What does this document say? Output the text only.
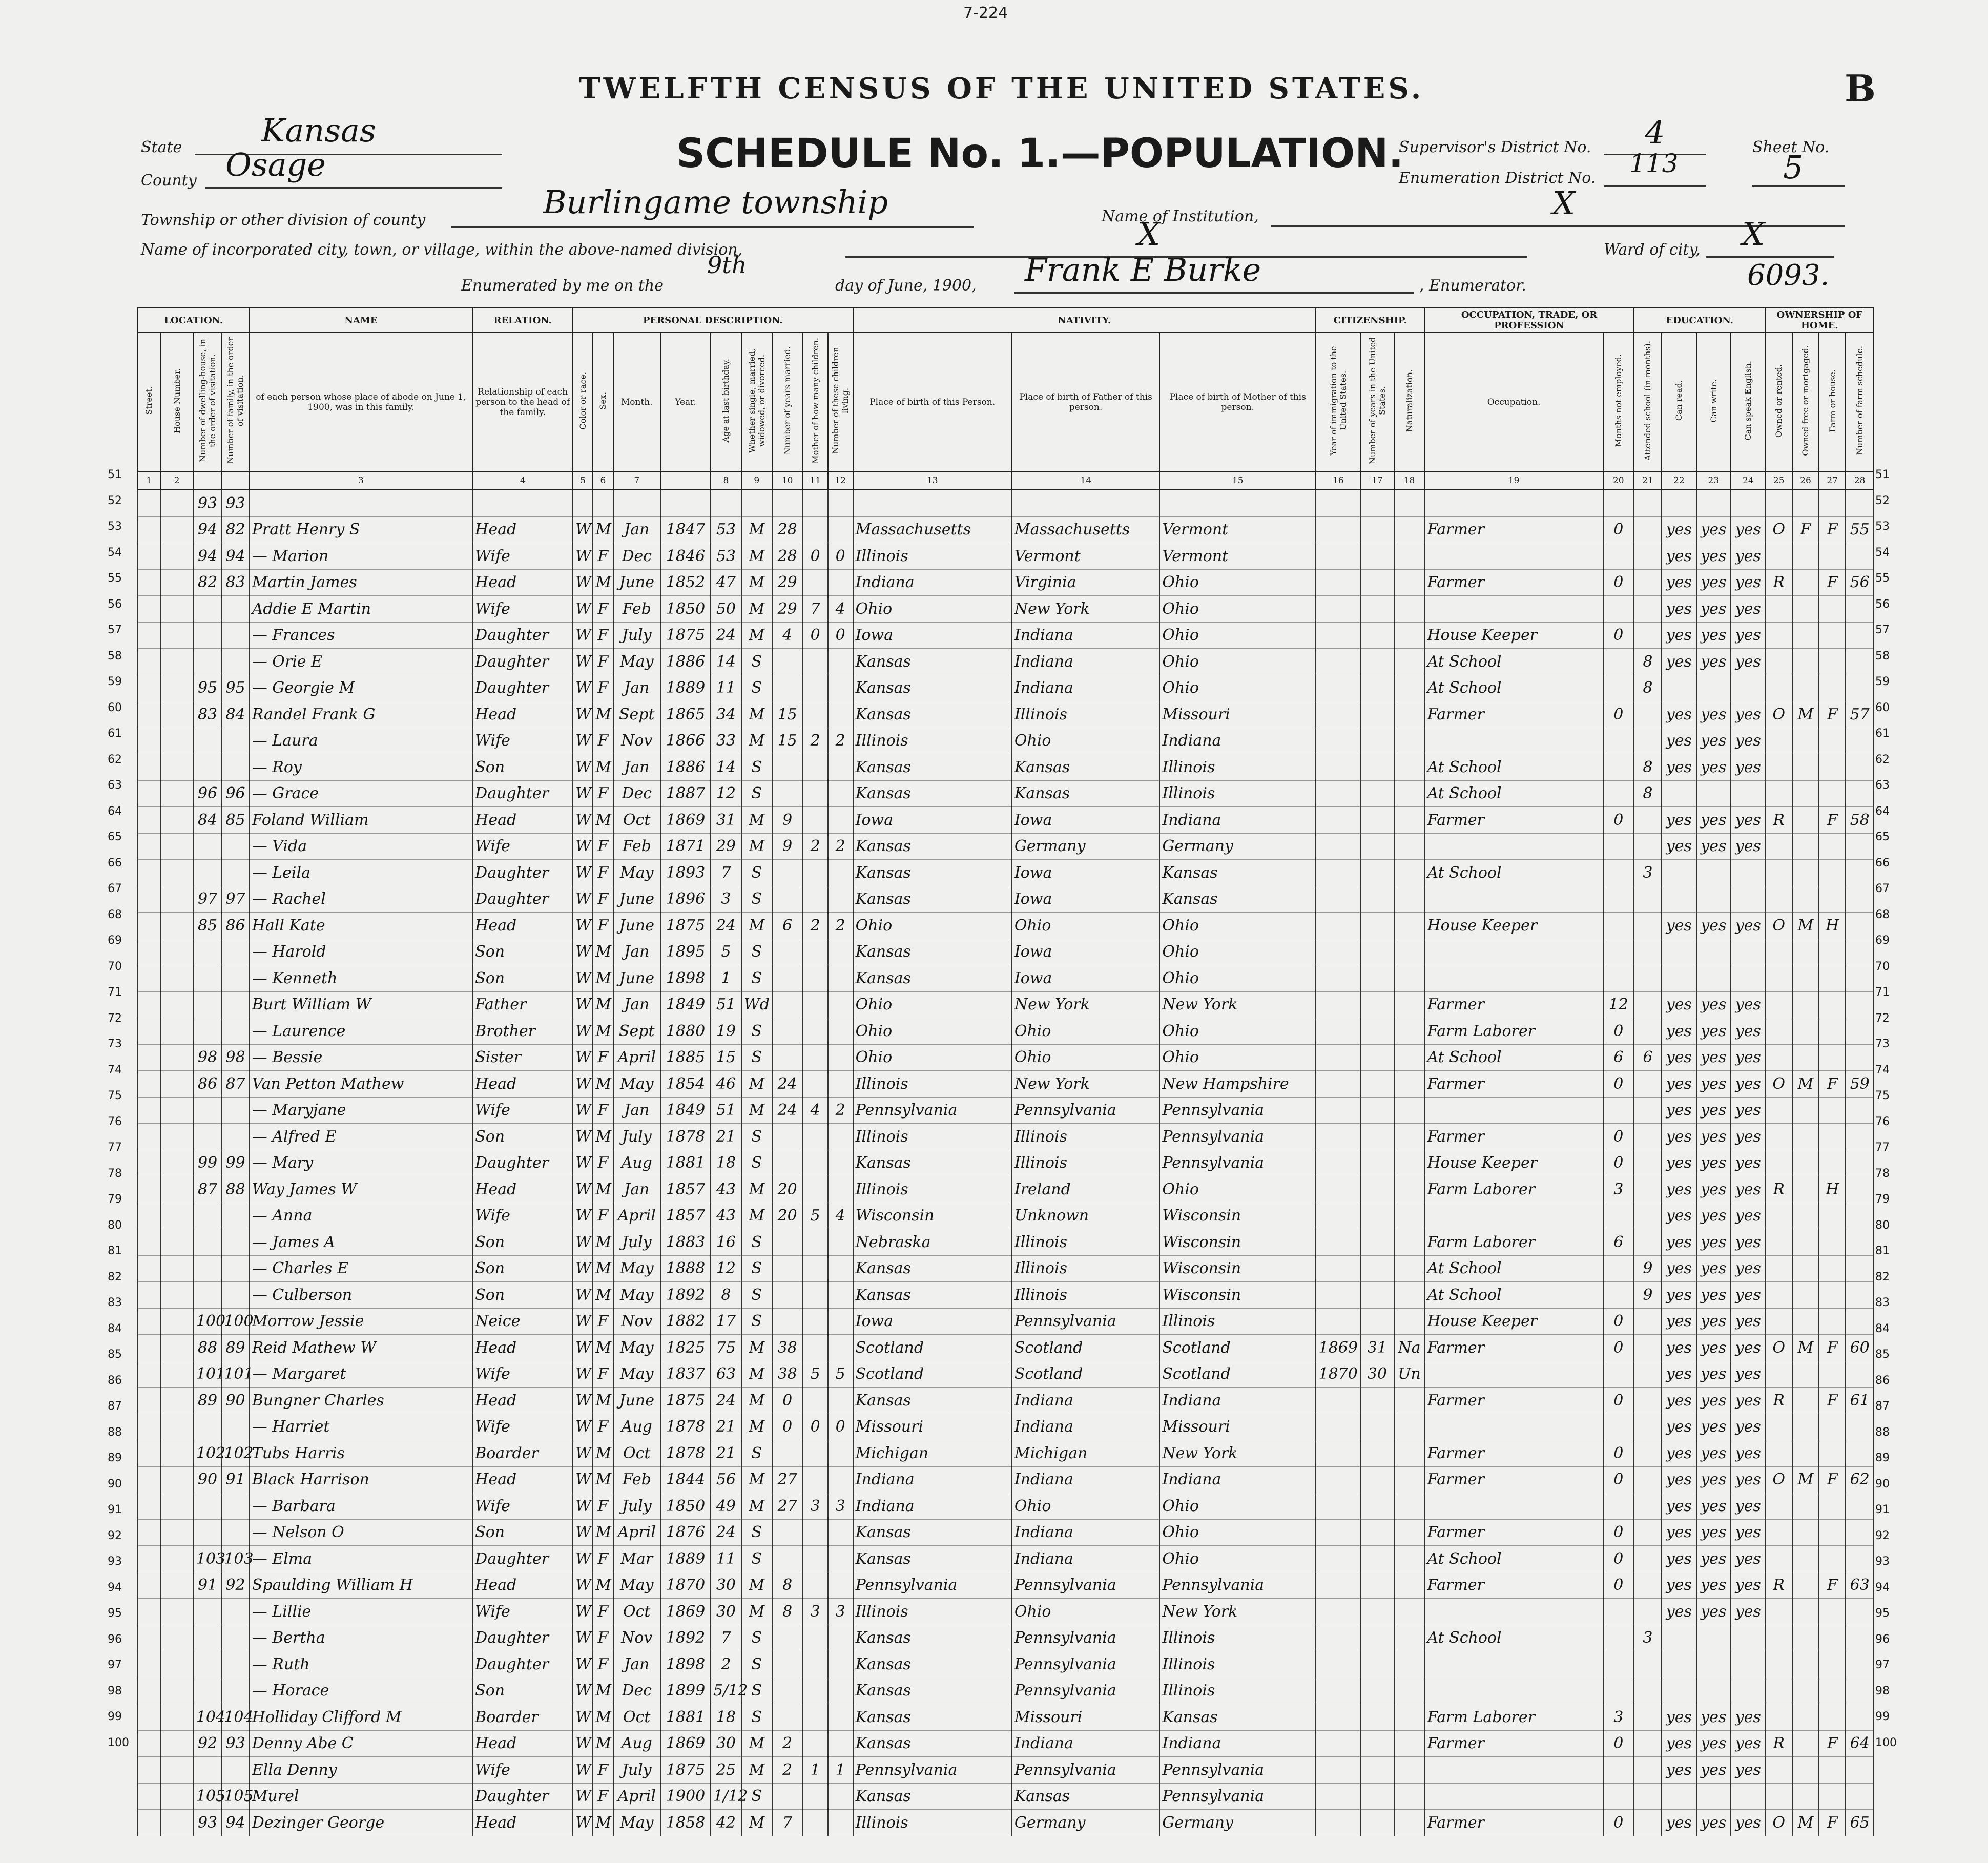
7-224
TWELFTH CENSUS OF THE UNITED STATES.	B
SCHEDULE No. 1.—POPULATION.
State Kansas
County Osage
Township or other division of county	Burlingame township
Name of incorporated city, town, or village, within the above-named division,	X
Enumerated by me on the
9th
day of June, 1900, Frank E Burke	, Enumerator.
Name of Institution,	X
Supervisor's District No. 4
Enumeration District No. 113
Sheet No.
5
Ward of city, X
6093.
51
52
53
54
55
56
57
58
59
60
61
62
63
64
65
66
67
68
69
70
71
72
73
74
75
76
77
78
79
80
81
82
83
84
85
86
87
88
89
90
91
92
93
94
95
96
97
98
99
100
51
52
53
54
55
56
57
58
59
60
61
62
63
64
65
66
67
68
69
70
71
72
73
74
75
76
77
78
79
80
81
82
83
84
85
86
87
88
89
90
91
92
93
94
95
96
97
98
99
100
LOCATION.				NAME	RELATION.	PERSONAL DESCRIPTION.									NATIVITY.			CITIZENSHIP.			OCCUPATION, TRADE, OR PROFESSION		EDUCATION.				OWNERSHIP OF HOME.			
Street.	House Number.	Number of dwelling-house, in the order of visitation.	Number of family, in the order of visitation.	of each person whose place of abode on June 1, 1900, was in this family.	Relationship of each person to the head of the family.	Color or race.	Sex.	Month.	Year.	Age at last birthday.	Whether single, married, widowed, or divorced.	Number of years married.	Mother of how many children.	Number of these children living.	Place of birth of this Person.	Place of birth of Father of this person.	Place of birth of Mother of this person.	Year of immigration to the United States.	Number of years in the United States.	Naturalization.	Occupation.	Months not employed.	Attended school (in months).	Can read.	Can write.	Can speak English.	Owned or rented.	Owned free or mortgaged.	Farm or house.	Number of farm schedule.
1	2			3	4	5	6	7		8	9	10	11	12	13	14	15	16	17	18	19	20	21	22	23	24	25	26	27	28
		93	93																											
		94	82	Pratt Henry S	Head	W	M	Jan	1847	53	M	28			Massachusetts	Massachusetts	Vermont				Farmer	0		yes	yes	yes	O	F	F	55
		94	94	— Marion	Wife	W	F	Dec	1846	53	M	28	0	0	Illinois	Vermont	Vermont							yes	yes	yes				
		82	83	Martin James	Head	W	M	June	1852	47	M	29			Indiana	Virginia	Ohio				Farmer	0		yes	yes	yes	R		F	56
				Addie E Martin	Wife	W	F	Feb	1850	50	M	29	7	4	Ohio	New York	Ohio							yes	yes	yes				
				— Frances	Daughter	W	F	July	1875	24	M	4	0	0	Iowa	Indiana	Ohio				House Keeper	0		yes	yes	yes				
				— Orie E	Daughter	W	F	May	1886	14	S				Kansas	Indiana	Ohio				At School		8	yes	yes	yes				
		95	95	— Georgie M	Daughter	W	F	Jan	1889	11	S				Kansas	Indiana	Ohio				At School		8							
		83	84	Randel Frank G	Head	W	M	Sept	1865	34	M	15			Kansas	Illinois	Missouri				Farmer	0		yes	yes	yes	O	M	F	57
				— Laura	Wife	W	F	Nov	1866	33	M	15	2	2	Illinois	Ohio	Indiana							yes	yes	yes				
				— Roy	Son	W	M	Jan	1886	14	S				Kansas	Kansas	Illinois				At School		8	yes	yes	yes				
		96	96	— Grace	Daughter	W	F	Dec	1887	12	S				Kansas	Kansas	Illinois				At School		8							
		84	85	Foland William	Head	W	M	Oct	1869	31	M	9			Iowa	Iowa	Indiana				Farmer	0		yes	yes	yes	R		F	58
				— Vida	Wife	W	F	Feb	1871	29	M	9	2	2	Kansas	Germany	Germany							yes	yes	yes				
				— Leila	Daughter	W	F	May	1893	7	S				Kansas	Iowa	Kansas				At School		3							
		97	97	— Rachel	Daughter	W	F	June	1896	3	S				Kansas	Iowa	Kansas													
		85	86	Hall Kate	Head	W	F	June	1875	24	M	6	2	2	Ohio	Ohio	Ohio				House Keeper			yes	yes	yes	O	M	H	
				— Harold	Son	W	M	Jan	1895	5	S				Kansas	Iowa	Ohio													
				— Kenneth	Son	W	M	June	1898	1	S				Kansas	Iowa	Ohio													
				Burt William W	Father	W	M	Jan	1849	51	Wd				Ohio	New York	New York				Farmer	12		yes	yes	yes				
				— Laurence	Brother	W	M	Sept	1880	19	S				Ohio	Ohio	Ohio				Farm Laborer	0		yes	yes	yes				
		98	98	— Bessie	Sister	W	F	April	1885	15	S				Ohio	Ohio	Ohio				At School	6	6	yes	yes	yes				
		86	87	Van Petton Mathew	Head	W	M	May	1854	46	M	24			Illinois	New York	New Hampshire				Farmer	0		yes	yes	yes	O	M	F	59
				— Maryjane	Wife	W	F	Jan	1849	51	M	24	4	2	Pennsylvania	Pennsylvania	Pennsylvania							yes	yes	yes				
				— Alfred E	Son	W	M	July	1878	21	S				Illinois	Illinois	Pennsylvania				Farmer	0		yes	yes	yes				
		99	99	— Mary	Daughter	W	F	Aug	1881	18	S				Kansas	Illinois	Pennsylvania				House Keeper	0		yes	yes	yes				
		87	88	Way James W	Head	W	M	Jan	1857	43	M	20			Illinois	Ireland	Ohio				Farm Laborer	3		yes	yes	yes	R		H	
				— Anna	Wife	W	F	April	1857	43	M	20	5	4	Wisconsin	Unknown	Wisconsin							yes	yes	yes				
				— James A	Son	W	M	July	1883	16	S				Nebraska	Illinois	Wisconsin				Farm Laborer	6		yes	yes	yes				
				— Charles E	Son	W	M	May	1888	12	S				Kansas	Illinois	Wisconsin				At School		9	yes	yes	yes				
				— Culberson	Son	W	M	May	1892	8	S				Kansas	Illinois	Wisconsin				At School		9	yes	yes	yes				
		100	100	Morrow Jessie	Neice	W	F	Nov	1882	17	S				Iowa	Pennsylvania	Illinois				House Keeper	0		yes	yes	yes				
		88	89	Reid Mathew W	Head	W	M	May	1825	75	M	38			Scotland	Scotland	Scotland	1869	31	Na	Farmer	0		yes	yes	yes	O	M	F	60
		101	101	— Margaret	Wife	W	F	May	1837	63	M	38	5	5	Scotland	Scotland	Scotland	1870	30	Un				yes	yes	yes				
		89	90	Bungner Charles	Head	W	M	June	1875	24	M	0			Kansas	Indiana	Indiana				Farmer	0		yes	yes	yes	R		F	61
				— Harriet	Wife	W	F	Aug	1878	21	M	0	0	0	Missouri	Indiana	Missouri							yes	yes	yes				
		102	102	Tubs Harris	Boarder	W	M	Oct	1878	21	S				Michigan	Michigan	New York				Farmer	0		yes	yes	yes				
		90	91	Black Harrison	Head	W	M	Feb	1844	56	M	27			Indiana	Indiana	Indiana				Farmer	0		yes	yes	yes	O	M	F	62
				— Barbara	Wife	W	F	July	1850	49	M	27	3	3	Indiana	Ohio	Ohio							yes	yes	yes				
				— Nelson O	Son	W	M	April	1876	24	S				Kansas	Indiana	Ohio				Farmer	0		yes	yes	yes				
		103	103	— Elma	Daughter	W	F	Mar	1889	11	S				Kansas	Indiana	Ohio				At School	0		yes	yes	yes				
		91	92	Spaulding William H	Head	W	M	May	1870	30	M	8			Pennsylvania	Pennsylvania	Pennsylvania				Farmer	0		yes	yes	yes	R		F	63
				— Lillie	Wife	W	F	Oct	1869	30	M	8	3	3	Illinois	Ohio	New York							yes	yes	yes				
				— Bertha	Daughter	W	F	Nov	1892	7	S				Kansas	Pennsylvania	Illinois				At School		3							
				— Ruth	Daughter	W	F	Jan	1898	2	S				Kansas	Pennsylvania	Illinois													
				— Horace	Son	W	M	Dec	1899	5/12	S				Kansas	Pennsylvania	Illinois													
		104	104	Holliday Clifford M	Boarder	W	M	Oct	1881	18	S				Kansas	Missouri	Kansas				Farm Laborer	3		yes	yes	yes				
		92	93	Denny Abe C	Head	W	M	Aug	1869	30	M	2			Kansas	Indiana	Indiana				Farmer	0		yes	yes	yes	R		F	64
				Ella Denny	Wife	W	F	July	1875	25	M	2	1	1	Pennsylvania	Pennsylvania	Pennsylvania							yes	yes	yes				
		105	105	Murel	Daughter	W	F	April	1900	1/12	S				Kansas	Kansas	Pennsylvania													
		93	94	Dezinger George	Head	W	M	May	1858	42	M	7			Illinois	Germany	Germany				Farmer	0		yes	yes	yes	O	M	F	65
